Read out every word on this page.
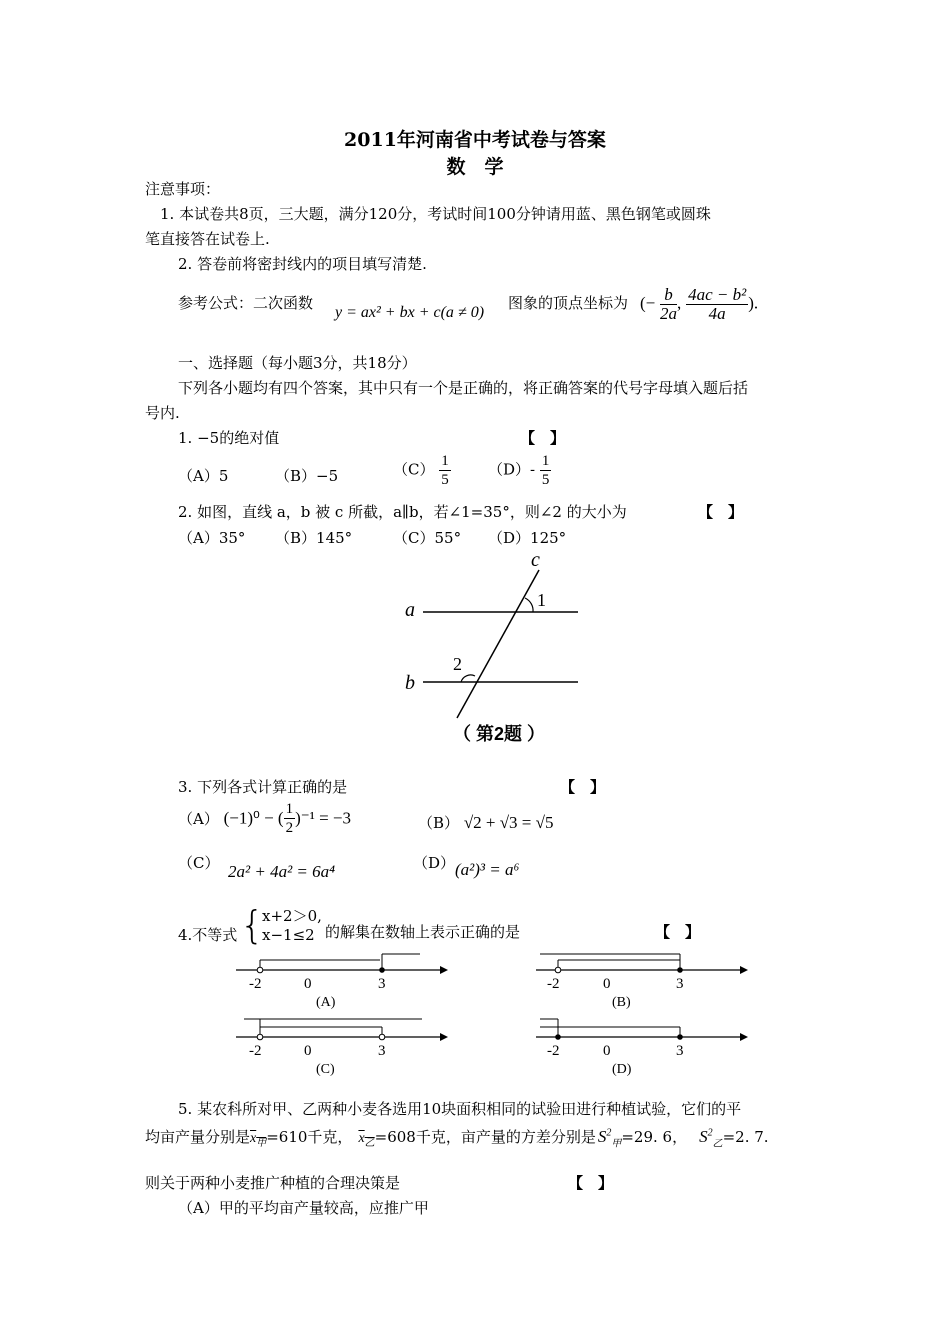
2011年河南省中考试卷与答案
数　学
注意事项：
1. 本试卷共8页，三大题，满分120分，考试时间100分钟请用蓝、黑色钢笔或圆珠
笔直接答在试卷上.
2. 答卷前将密封线内的项目填写清楚.
参考公式：二次函数
y = ax² + bx + c(a ≠ 0)
图象的顶点坐标为 (− $\frac{b}{2a}$ , $\frac{\text{4ac − b²}}{4a}$ ).
一、选择题（每小题3分，共18分）
下列各小题均有四个答案，其中只有一个是正确的，将正确答案的代号字母填入题后括
号内.
1. −5的绝对值	【　】
（A）5	（B）−5	$(C) \frac{1}{5} (D)- \frac{1}{5}$
2. 如图，直线 a，b 被 c 所截，a∥b，若∠1=35°，则∠2 的大小为	【　】
（A）35° （B）145°	（C）55° （D）125°
a
b
c
1
2
（ 第2题 ）
3. 下列各式计算正确的是	【　】
（A） (−1)⁰ − ( $\frac{1}{2} )^{-1} = -3$	（B） √2 + √3 = √5
（C） 2a² + 4a² = 6a⁴	（D） (a²)³ = a⁶
4.不等式 {
x+2＞0,
x−1≤2 的解集在数轴上表示正确的是	【　】
-2	0	3
(A)
-2	0	3
(B)
-2	0	3
(C)
-2	0	3
(D)
5. 某农科所对甲、乙两种小麦各选用10块面积相同的试验田进行种植试验，它们的平
均亩产量分别是$x_甲=610$千克， $x_乙=608$千克，亩产量的方差分别是 $S^2_甲=29$. 6， $S^2_乙=2$. 7.
则关于两种小麦推广种植的合理决策是	【　】
（A）甲的平均亩产量较高，应推广甲
